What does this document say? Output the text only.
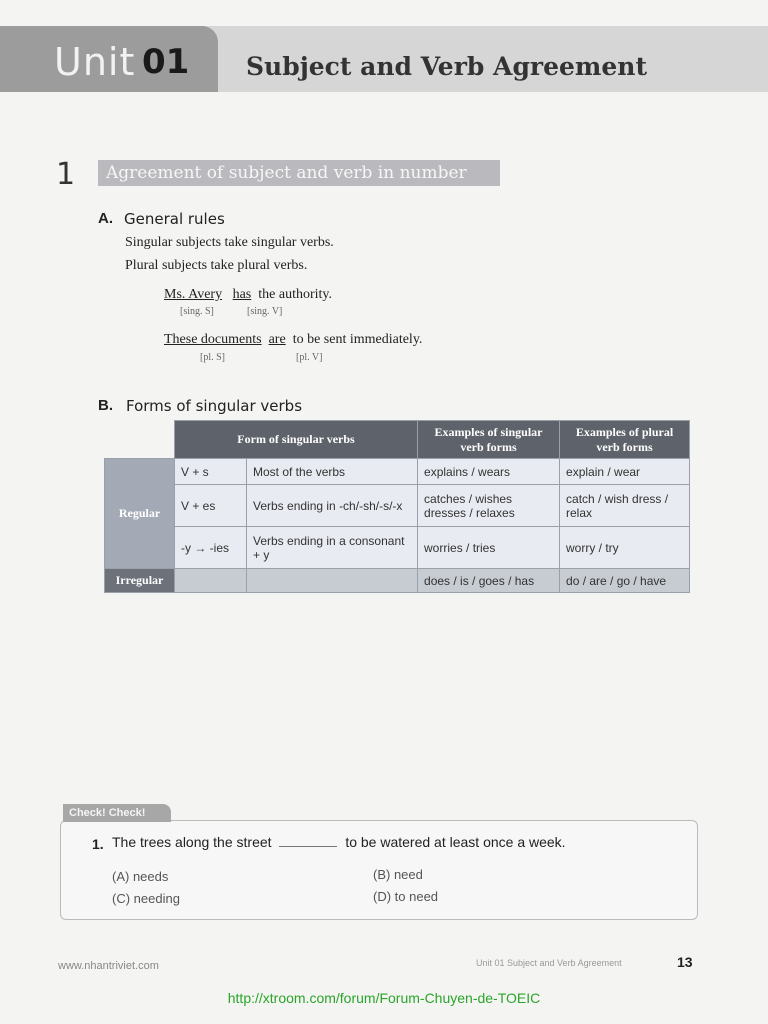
Unit 01 Subject and Verb Agreement
1	Agreement of subject and verb in number
A. General rules
Singular subjects take singular verbs.
Plural subjects take plural verbs.
Ms. Avery has the authority.
[sing. S]	[sing. V]
These documents are to be sent immediately.
[pl. S]	[pl. V]
B. Forms of singular verbs
	Form of singular verbs		Examples of singular verb forms	Examples of plural verb forms
Regular	V + s	Most of the verbs	explains / wears	explain / wear
	V + es	Verbs ending in -ch/-sh/-s/-x	catches / wishes dresses / relaxes	catch / wish dress / relax
	-y → -ies	Verbs ending in a consonant + y	worries / tries	worry / try
Irregular			does / is / goes / has	do / are / go / have
Check! Check!
1. The trees along the street	to be watered at least once a week.
(A) needs	(B) need
(C) needing	(D) to need
www.nhantriviet.com	Unit 01 Subject and Verb Agreement	13
http://xtroom.com/forum/Forum-Chuyen-de-TOEIC
